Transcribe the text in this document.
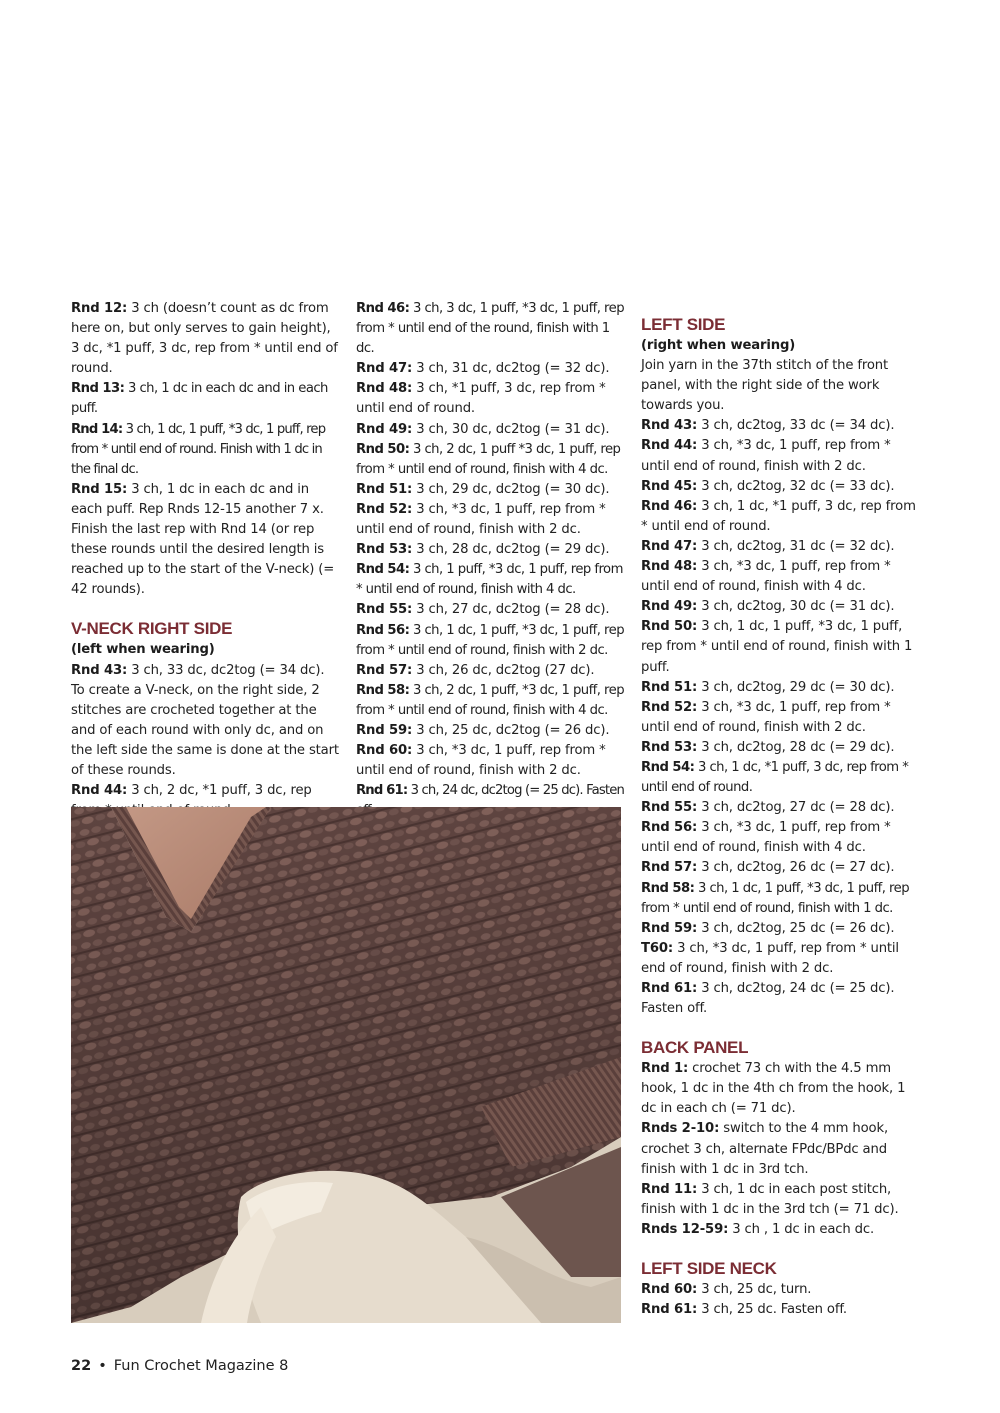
Rnd 12: 3 ch (doesn’t count as dc from here on, but only serves to gain height), 3 dc, *1 puff, 3 dc, rep from * until end of round.

Rnd 13: 3 ch, 1 dc in each dc and in each puff.

Rnd 14: 3 ch, 1 dc, 1 puff, *3 dc, 1 puff, rep from * until end of round. Finish with 1 dc in the final dc.

Rnd 15: 3 ch, 1 dc in each dc and in each puff. Rep Rnds 12-15 another 7 x. Finish the last rep with Rnd 14 (or rep these rounds until the desired length is reached up to the start of the V-neck) (= 42 rounds).

V-NECK RIGHT SIDE

(left when wearing)

Rnd 43: 3 ch, 33 dc, dc2tog (= 34 dc). To create a V-neck, on the right side, 2 stitches are crocheted together at the and of each round with only dc, and on the left side the same is done at the start of these rounds.

Rnd 44: 3 ch, 2 dc, *1 puff, 3 dc, rep

Rnd 46: 3 ch, 3 dc, 1 puff, *3 dc, 1 puff, rep from * until end of the round, finish with 1 dc.

Rnd 47: 3 ch, 31 dc, dc2tog (= 32 dc).

Rnd 48: 3 ch, *1 puff, 3 dc, rep from * until end of round.

Rnd 49: 3 ch, 30 dc, dc2tog (= 31 dc).

Rnd 50: 3 ch, 2 dc, 1 puff *3 dc, 1 puff, rep from * until end of round, finish with 4 dc.

Rnd 51: 3 ch, 29 dc, dc2tog (= 30 dc).

Rnd 52: 3 ch, *3 dc, 1 puff, rep from * until end of round, finish with 2 dc.

Rnd 53: 3 ch, 28 dc, dc2tog (= 29 dc).

Rnd 54: 3 ch, 1 puff, *3 dc, 1 puff, rep from * until end of round, finish with 4 dc.

Rnd 55: 3 ch, 27 dc, dc2tog (= 28 dc).

Rnd 56: 3 ch, 1 dc, 1 puff, *3 dc, 1 puff, rep from * until end of round, finish with 2 dc.

Rnd 57: 3 ch, 26 dc, dc2tog (27 dc).

Rnd 58: 3 ch, 2 dc, 1 puff, *3 dc, 1 puff, rep from * until end of round, finish with 4 dc.

Rnd 59: 3 ch, 25 dc, dc2tog (= 26 dc).

Rnd 60: 3 ch, *3 dc, 1 puff, rep from * until end of round, finish with 2 dc.

Rnd 61: 3 ch, 24 dc, dc2tog (= 25 dc). Fasten

LEFT SIDE

(right when wearing)

Join yarn in the 37th stitch of the front panel, with the right side of the work towards you.

Rnd 43: 3 ch, dc2tog, 33 dc (= 34 dc).

Rnd 44: 3 ch, *3 dc, 1 puff, rep from * until end of round, finish with 2 dc.

Rnd 45: 3 ch, dc2tog, 32 dc (= 33 dc).

Rnd 46: 3 ch, 1 dc, *1 puff, 3 dc, rep from * until end of round.

Rnd 47: 3 ch, dc2tog, 31 dc (= 32 dc).

Rnd 48: 3 ch, *3 dc, 1 puff, rep from * until end of round, finish with 4 dc.

Rnd 49: 3 ch, dc2tog, 30 dc (= 31 dc).

Rnd 50: 3 ch, 1 dc, 1 puff, *3 dc, 1 puff, rep from * until end of round, finish with 1 puff.

Rnd 51: 3 ch, dc2tog, 29 dc (= 30 dc).

Rnd 52: 3 ch, *3 dc, 1 puff, rep from * until end of round, finish with 2 dc.

Rnd 53: 3 ch, dc2tog, 28 dc (= 29 dc).

Rnd 54: 3 ch, 1 dc, *1 puff, 3 dc, rep from * until end of round.

Rnd 55: 3 ch, dc2tog, 27 dc (= 28 dc).

Rnd 56: 3 ch, *3 dc, 1 puff, rep from * until end of round, finish with 4 dc.

Rnd 57: 3 ch, dc2tog, 26 dc (= 27 dc).

Rnd 58: 3 ch, 1 dc, 1 puff, *3 dc, 1 puff, rep from * until end of round, finish with 1 dc.

Rnd 59: 3 ch, dc2tog, 25 dc (= 26 dc).

T60: 3 ch, *3 dc, 1 puff, rep from * until end of round, finish with 2 dc.

Rnd 61: 3 ch, dc2tog, 24 dc (= 25 dc). Fasten off.

BACK PANEL

Rnd 1: crochet 73 ch with the 4.5 mm hook, 1 dc in the 4th ch from the hook, 1 dc in each ch (= 71 dc).

Rnds 2-10: switch to the 4 mm hook, crochet 3 ch, alternate FPdc/BPdc and finish with 1 dc in 3rd tch.

Rnd 11: 3 ch, 1 dc in each post stitch, finish with 1 dc in the 3rd tch (= 71 dc).

Rnds 12-59: 3 ch , 1 dc in each dc.

LEFT SIDE NECK

Rnd 60: 3 ch, 25 dc, turn.

Rnd 61: 3 ch, 25 dc. Fasten off.

22 • Fun Crochet Magazine 8
